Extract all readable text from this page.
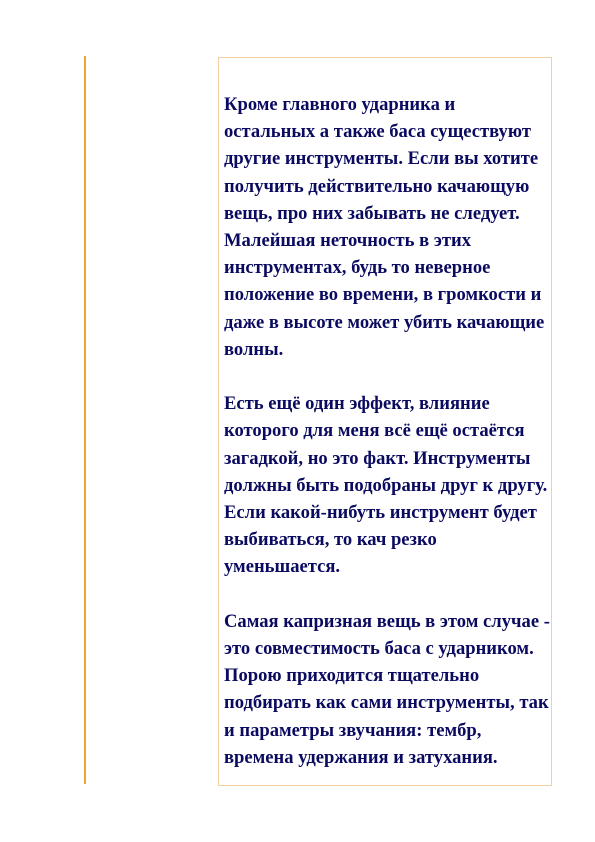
Кроме главного ударника и
остальных а также баса существуют
другие инструменты. Если вы хотите
получить действительно качающую
вещь, про них забывать не следует.
Малейшая неточность в этих
инструментах, будь то неверное
положение во времени, в громкости и
даже в высоте может убить качающие
волны.
Есть ещё один эффект, влияние
которого для меня всё ещё остаётся
загадкой, но это факт. Инструменты
должны быть подобраны друг к другу.
Если какой-нибуть инструмент будет
выбиваться, то кач резко
уменьшается.
Самая капризная вещь в этом случае -
это совместимость баса с ударником.
Порою приходится тщательно
подбирать как сами инструменты, так
и параметры звучания: тембр,
времена удержания и затухания.
